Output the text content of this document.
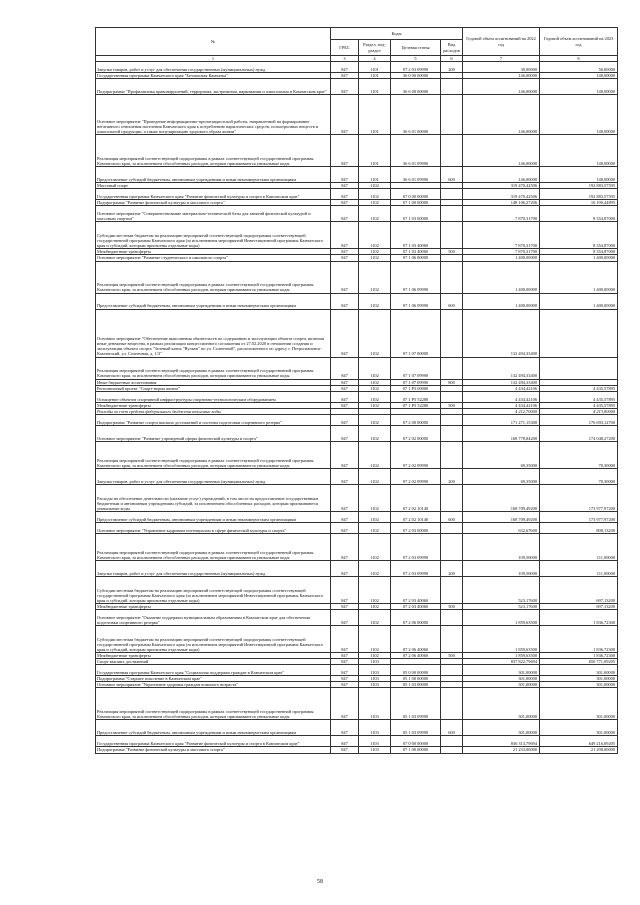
№	Коды				Годовой объем ассигнований на 2022 год	Годовой объем ассигнований на 2023 год
	ГРБС	Раздел, под-раздел	Целевая статья	Вид расходов		
1	3	4	5	6	7	8
Закупка товаров, работ и услуг для обеспечения государственных (муниципальных) нужд	847	1101	07 2 03 09990	200	30,00000	50,00000
Государственная программа Камчатского края "Безопасная Камчатка"	847	1101	36 0 00 00000		146,00000	148,00000
Подпрограмма "Профилактика правонарушений, терроризма, экстремизма, наркомании и алкоголизма в Камчатском крае"	847	1101	36 6 00 00000		146,00000	148,00000
Основное мероприятие "Проведение информационно-пропагандистской работы, направленной на формирование негативного отношения населения Камчатского края к потреблению наркотических средств, психотропных веществ и алкогольной продукции, а также популяризацию здорового образа жизни"	847	1101	36 6 01 00000		146,00000	148,00000
Реализация мероприятий соответствующей подпрограммы в рамках соответствующей государственной программы Камчатского края, за исключением обособленных расходов, которым присваиваются уникальные коды	847	1101	36 6 01 09990		146,00000	148,00000
Предоставление субсидий бюджетным, автономным учреждениям и иным некоммерческим организациям	847	1101	36 6 01 09990	600	146,00000	148,00000
Массовый спорт	847	1102			319 470,42506	192 883,57595
Государственная программа Камчатского края "Развитие физической культуры и спорта в Камчатском крае"	847	1102	07 0 00 00000		319 470,42506	192 883,57595
Подпрограмма "Развитие физической культуры и массового спорта"	847	1102	07 1 00 00000		148 106,27206	16 190,44895
Основное мероприятие "Совершенствование материально-технической базы для занятий физической культурой и массовым спортом"	847	1102	07 1 03 00000		7 870,31700	8 354,87000
Субсидии местным бюджетам на реализацию мероприятий соответствующей подпрограммы соответствующей государственной программы Камчатского края (за исключением мероприятий Инвестиционной программы Камчатского края и субсидий, которым присвоены отдельные коды)	847	1102	07 1 03 40060		7 870,31700	8 354,87000
Межбюджетные трансферты	847	1102	07 1 03 40060	500	7 870,31700	8 354,87000
Основное мероприятие "Развитие студенческого и школьного спорта"	847	1102	07 1 06 00000		1 400,00000	1 400,00000
Реализация мероприятий соответствующей подпрограммы в рамках соответствующей государственной программы Камчатского края, за исключением обособленных расходов, которым присваиваются уникальные коды	847	1102	07 1 06 09990		1 400,00000	1 400,00000
Предоставление субсидий бюджетным, автономным учреждениям и иным некоммерческим организациям	847	1102	07 1 06 09990	600	1 400,00000	1 400,00000
Основное мероприятие "Обеспечение выполнения обязательств по содержанию и эксплуатации объекта спорта, включая иные денежные вещества, в рамках реализации концессионного соглашения от 27.02.2020 в отношении создания и эксплуатации объекта спорта "Зеленый каток "Вулкан" по ул. Солнечной", расположенного по адресу г. Петропавловск-Камчатский, ул. Солнечная, д. 1/3"	847	1102	07 1 07 00000		132 494,33400	
Реализация мероприятий соответствующей подпрограммы в рамках соответствующей государственной программы Камчатского края, за исключением обособленных расходов, которым присваиваются уникальные коды	847	1102	07 1 07 09990		132 494,33400	
Иные бюджетные ассигнования	847	1102	07 1 07 09990	800	132 494,33400	
Региональный проект "Спорт-норма жизни"	847	1102	07 1 P5 00000		4 434,42106	4 435,57895
Оснащение объектов спортивной инфраструктуры спортивно-технологическим оборудованием	847	1102	07 1 P5 52280		4 434,42106	4 435,57895
Межбюджетные трансферты	847	1102	07 1 P5 52280	500	4 434,42106	4 435,57895
Расходы за счет средств федерального бюджета итоговые коды					4 212,70000	4 213,80000
Подпрограмма "Развитие спорта высших достижений и системы подготовки спортивного резерва"	847	1102	07 2 00 00000		171 271,15300	176 693,12700
Основное мероприятие "Развитие учреждений сферы физической культуры и спорта"	847	1102	07 2 02 00000		168 778,84200	174 048,27200
Реализация мероприятий соответствующей подпрограммы в рамках соответствующей государственной программы Камчатского края, за исключением обособленных расходов, которым присваиваются уникальные коды	847	1102	07 2 02 09990		69,35000	70,30000
Закупка товаров, работ и услуг для обеспечения государственных (муниципальных) нужд	847	1102	07 2 02 09990	200	69,35000	70,30000
Расходы на обеспечение деятельности (оказание услуг) учреждений, в том числе на предоставление государственным бюджетным и автономным учреждениям субсидий, за исключением обособленных расходов, которым присваиваются уникальные коды	847	1102	07 2 02 10140		168 709,49200	173 977,97200
Предоставление субсидий бюджетным, автономным учреждениям и иным некоммерческим организациям	847	1102	07 2 02 10140	600	168 709,49200	173 977,97200
Основное мероприятие "Управление кадровым потенциалом в сфере физической культуры и спорта"	847	1102	07 2 03 00000		632,67600	808,13200
Реализация мероприятий соответствующей подпрограммы в рамках соответствующей государственной программы Камчатского края, за исключением обособленных расходов, которым присваиваются уникальные коды	847	1102	07 2 03 09990		109,50000	111,00000
Закупка товаров, работ и услуг для обеспечения государственных (муниципальных) нужд	847	1102	07 2 03 09990	200	109,50000	111,00000
Субсидии местным бюджетам на реализацию мероприятий соответствующей подпрограммы соответствующей государственной программы Камчатского края (за исключением мероприятий Инвестиционной программы Камчатского края и субсидий, которым присвоены отдельные коды)	847	1102	07 2 03 40060		523,17600	697,13200
Межбюджетные трансферты	847	1102	07 2 03 40060	500	523,17600	697,13200
Основное мероприятие "Оказание поддержки муниципальным образованиям в Камчатском крае для обеспечения подготовки спортивного резерва"	847	1102	07 2 06 00000		1 859,63500	1 836,72300
Субсидии местным бюджетам на реализацию мероприятий соответствующей подпрограммы соответствующей государственной программы Камчатского края (за исключением мероприятий Инвестиционной программы Камчатского края и субсидий, которым присвоены отдельные коды)	847	1102	07 2 06 40060		1 859,63500	1 836,72300
Межбюджетные трансферты	847	1102	07 2 06 40060	500	1 859,63500	1 836,72300
Спорт высших достижений	847	1103			837 822,79694	650 771,09205
Государственная программа Камчатского края "Социальная поддержка граждан в Камчатском крае"	847	1103	05 0 00 00000		301,00000	301,00000
Подпрограмма "Старшее поколение в Камчатском крае"	847	1103	05 1 00 00000		301,00000	301,00000
Основное мероприятие "Укрепление здоровья граждан пожилого возраста"	847	1103	05 1 03 00000		301,00000	301,00000
Реализация мероприятий соответствующей подпрограммы в рамках соответствующей государственной программы Камчатского края, за исключением обособленных расходов, которым присваиваются уникальные коды	847	1103	05 1 03 09990		301,00000	301,00000
Предоставление субсидий бюджетным, автономным учреждениям и иным некоммерческим организациям	847	1103	05 1 03 09990	600	301,00000	301,00000
Государственная программа Камчатского края "Развитие физической культуры и спорта в Камчатском крае"	847	1103	07 0 00 00000		836 313,79694	649 216,09205
Подпрограмма "Развитие физической культуры и массового спорта"	847	1103	07 1 00 00000		21 233,00000	21 298,00000
58
